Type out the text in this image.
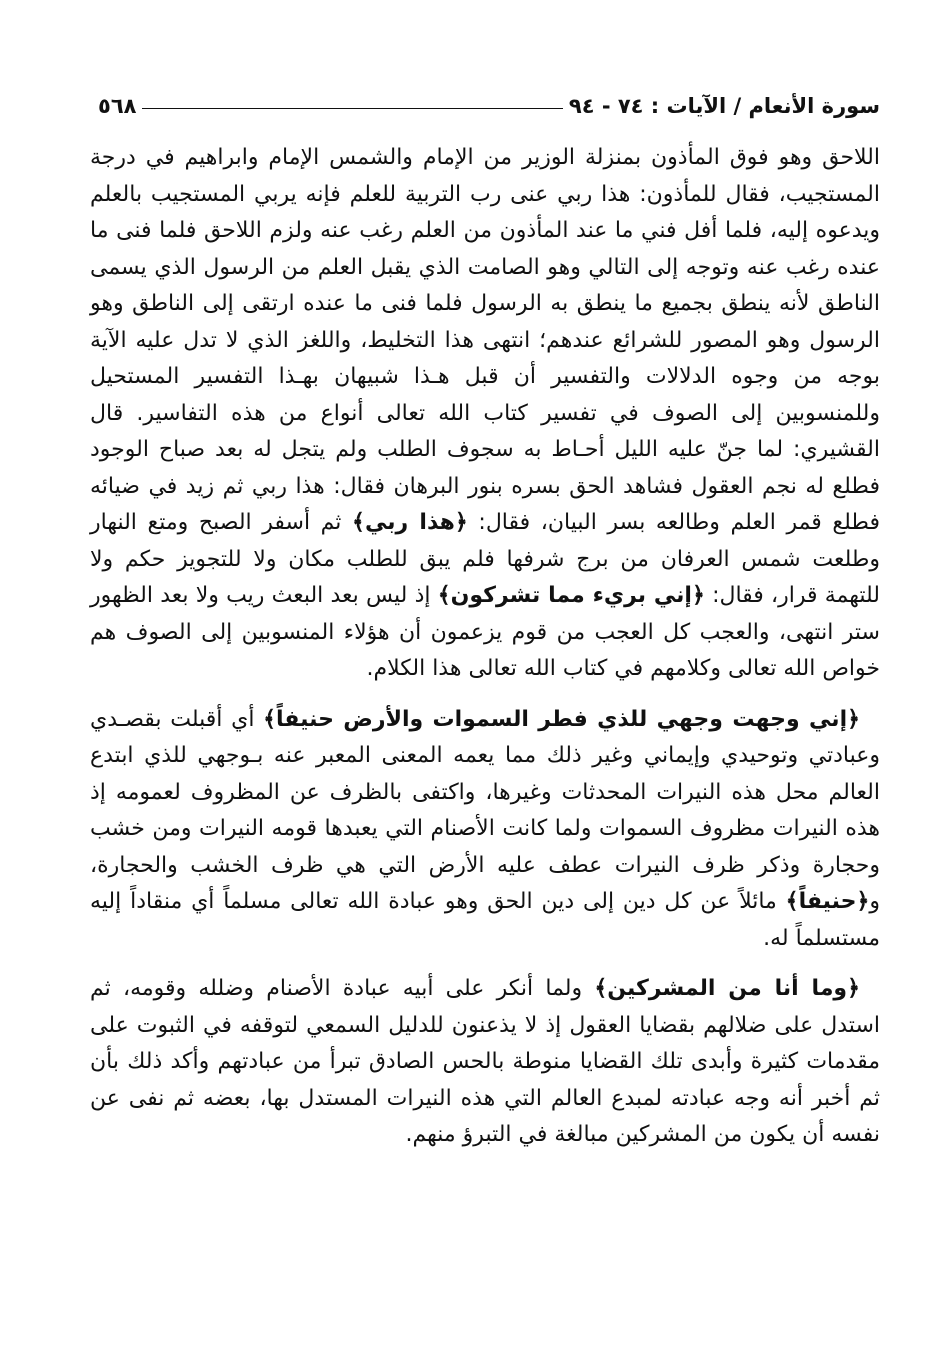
سورة الأنعام / الآيات : ٧٤ - ٩٤
٥٦٨

اللاحق وهو فوق المأذون بمنزلة الوزير من الإمام والشمس الإمام وابراهيم في درجة المستجيب، فقال للمأذون: هذا ربي عنى رب التربية للعلم فإنه يربي المستجيب بالعلم ويدعوه إليه، فلما أفل فني ما عند المأذون من العلم رغب عنه ولزم اللاحق فلما فنى ما عنده رغب عنه وتوجه إلى التالي وهو الصامت الذي يقبل العلم من الرسول الذي يسمى الناطق لأنه ينطق بجميع ما ينطق به الرسول فلما فنى ما عنده ارتقى إلى الناطق وهو الرسول وهو المصور للشرائع عندهم؛ انتهى هذا التخليط، واللغز الذي لا تدل عليه الآية بوجه من وجوه الدلالات والتفسير أن قبل هـذا شبيهان بهـذا التفسير المستحيل وللمنسوبين إلى الصوف في تفسير كتاب الله تعالى أنواع من هذه التفاسير. قال القشيري: لما جنّ عليه الليل أحـاط به سجوف الطلب ولم يتجل له بعد صباح الوجود فطلع له نجم العقول فشاهد الحق بسره بنور البرهان فقال: هذا ربي ثم زيد في ضيائه فطلع قمر العلم وطالعه بسر البيان، فقال: ﴿هذا ربي﴾ ثم أسفر الصبح ومتع النهار وطلعت شمس العرفان من برج شرفها فلم يبق للطلب مكان ولا للتجويز حكم ولا للتهمة قرار، فقال: ﴿إني بريء مما تشركون﴾ إذ ليس بعد البعث ريب ولا بعد الظهور ستر انتهى، والعجب كل العجب من قوم يزعمون أن هؤلاء المنسوبين إلى الصوف هم خواص الله تعالى وكلامهم في كتاب الله تعالى هذا الكلام.

﴿إني وجهت وجهي للذي فطر السموات والأرض حنيفاً﴾ أي أقبلت بقصـدي وعبادتي وتوحيدي وإيماني وغير ذلك مما يعمه المعنى المعبر عنه بـوجهي للذي ابتدع العالم محل هذه النيرات المحدثات وغيرها، واكتفى بالظرف عن المظروف لعمومه إذ هذه النيرات مظروف السموات ولما كانت الأصنام التي يعبدها قومه النيرات ومن خشب وحجارة وذكر ظرف النيرات عطف عليه الأرض التي هي ظرف الخشب والحجارة، و﴿حنيفاً﴾ مائلاً عن كل دين إلى دين الحق وهو عبادة الله تعالى مسلماً أي منقاداً إليه مستسلماً له.

﴿وما أنا من المشركين﴾ ولما أنكر على أبيه عبادة الأصنام وضلله وقومه، ثم استدل على ضلالهم بقضايا العقول إذ لا يذعنون للدليل السمعي لتوقفه في الثبوت على مقدمات كثيرة وأبدى تلك القضايا منوطة بالحس الصادق تبرأ من عبادتهم وأكد ذلك بأن ثم أخبر أنه وجه عبادته لمبدع العالم التي هذه النيرات المستدل بها، بعضه ثم نفى عن نفسه أن يكون من المشركين مبالغة في التبرؤ منهم.
